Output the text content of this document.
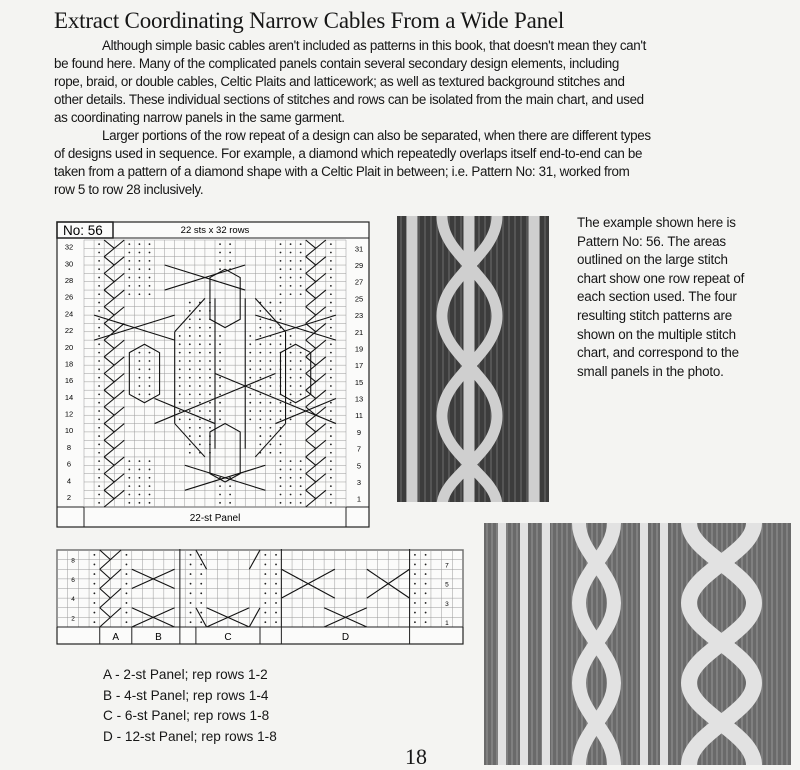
Extract Coordinating Narrow Cables From a Wide Panel
Although simple basic cables aren't included as patterns in this book, that doesn't mean they can't
be found here. Many of the complicated panels contain several secondary design elements, including
rope, braid, or double cables, Celtic Plaits and latticework; as well as textured background stitches and
other details. These individual sections of stitches and rows can be isolated from the main chart, and used
as coordinating narrow panels in the same garment.
Larger portions of the row repeat of a design can also be separated, when there are different types
of designs used in sequence. For example, a diamond which repeatedly overlaps itself end-to-end can be
taken from a pattern of a diamond shape with a Celtic Plait in between; i.e. Pattern No: 31, worked from
row 5 to row 28 inclusively.
No: 56	22 sts x 32 rows
22-st Panel
32
30
28
26
24
22
20
18
16
14
12
10
8
6
4
2
31
29
27
25
23
21
19
17
15
13
11
9
7
5
3
1
The example shown here is
Pattern No: 56. The areas
outlined on the large stitch
chart show one row repeat of
each section used. The four
resulting stitch patterns are
shown on the multiple stitch
chart, and correspond to the
small panels in the photo.
8
6
4
2
7
5
3
1
A	B	C	D
A - 2-st Panel; rep rows 1-2
B - 4-st Panel; rep rows 1-4
C - 6-st Panel; rep rows 1-8
D - 12-st Panel; rep rows 1-8
18
